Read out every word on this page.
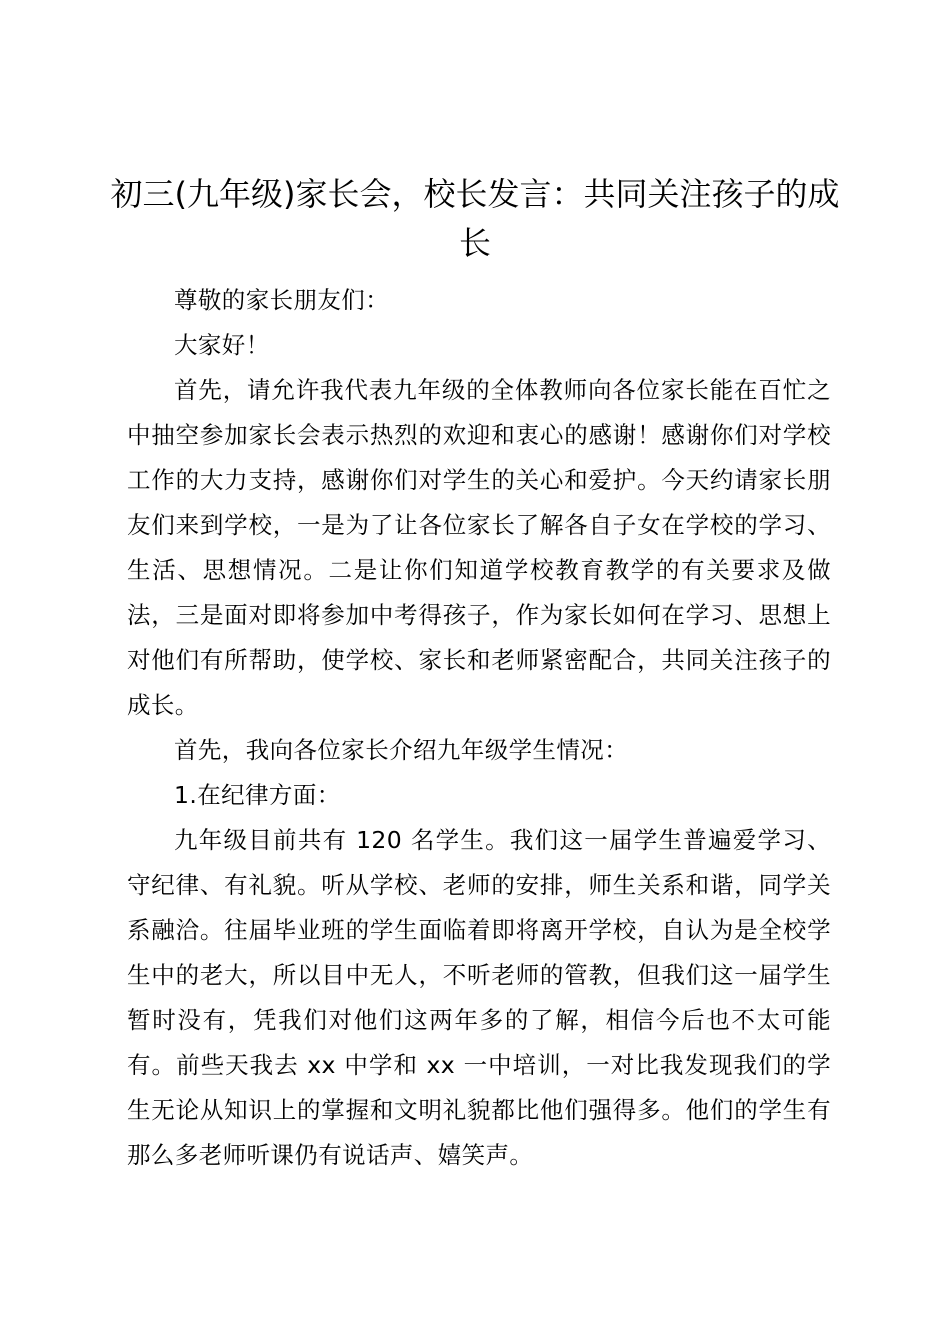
初三(九年级)家长会，校长发言：共同关注孩子的成长

尊敬的家长朋友们：

大家好！

首先，请允许我代表九年级的全体教师向各位家长能在百忙之中抽空参加家长会表示热烈的欢迎和衷心的感谢！感谢你们对学校工作的大力支持，感谢你们对学生的关心和爱护。今天约请家长朋友们来到学校，一是为了让各位家长了解各自子女在学校的学习、生活、思想情况。二是让你们知道学校教育教学的有关要求及做法，三是面对即将参加中考得孩子，作为家长如何在学习、思想上对他们有所帮助，使学校、家长和老师紧密配合，共同关注孩子的成长。

首先，我向各位家长介绍九年级学生情况：

1.在纪律方面：

九年级目前共有 120 名学生。我们这一届学生普遍爱学习、守纪律、有礼貌。听从学校、老师的安排，师生关系和谐，同学关系融洽。往届毕业班的学生面临着即将离开学校，自认为是全校学生中的老大，所以目中无人，不听老师的管教，但我们这一届学生暂时没有，凭我们对他们这两年多的了解，相信今后也不太可能有。前些天我去 xx 中学和 xx 一中培训，一对比我发现我们的学生无论从知识上的掌握和文明礼貌都比他们强得多。他们的学生有那么多老师听课仍有说话声、嬉笑声。
